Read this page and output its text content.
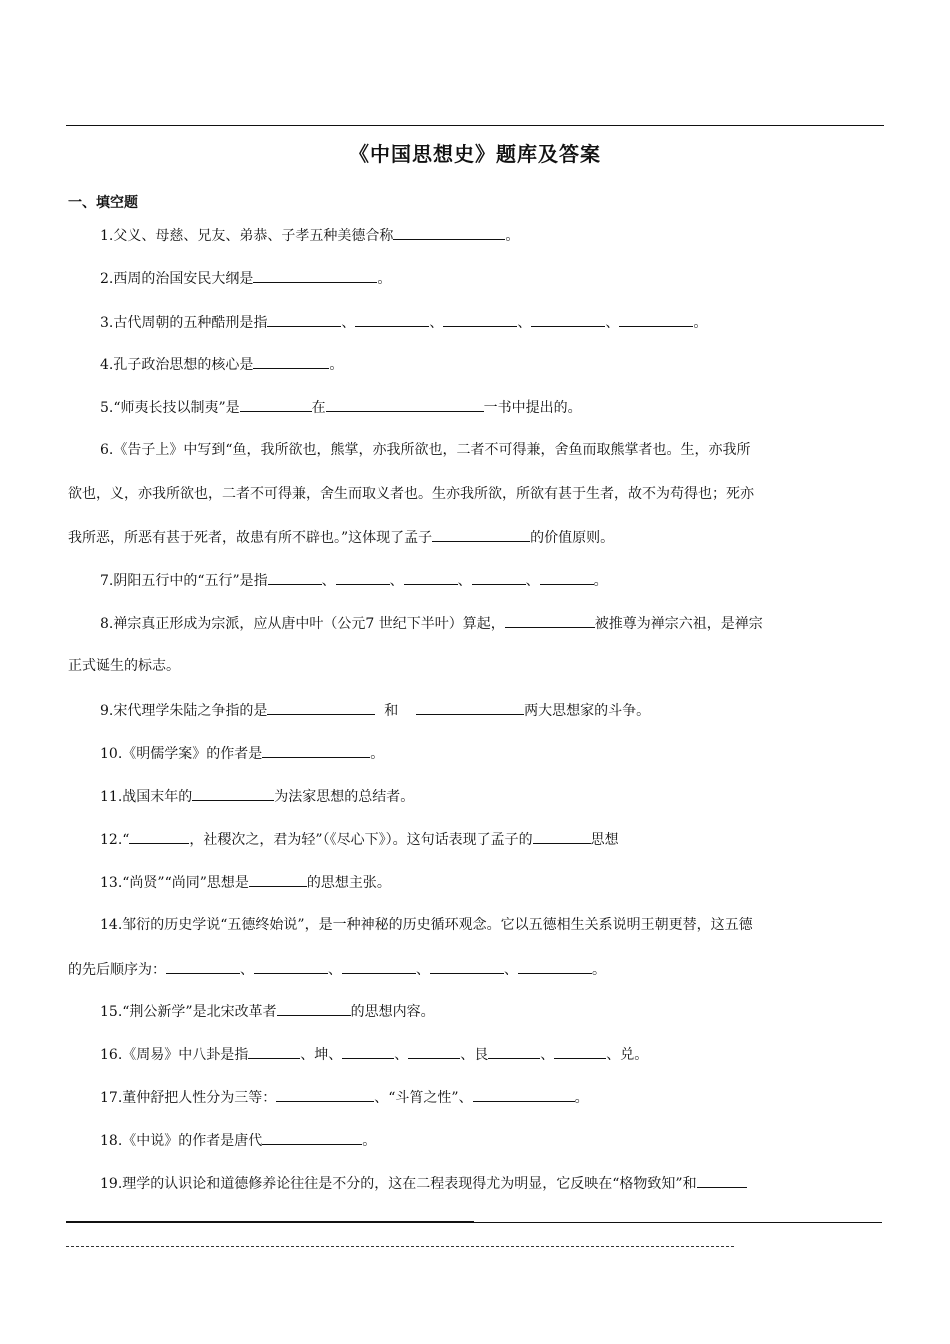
《中国思想史》题库及答案
一、填空题
1.父义、母慈、兄友、弟恭、子孝五种美德合称	。
2.西周的治国安民大纲是	。
3.古代周朝的五种酷刑是指	、	、	、	、	。
4.孔子政治思想的核心是	。
5.“师夷长技以制夷”是	在	一书中提出的。
6.《告子上》中写到“鱼，我所欲也，熊掌，亦我所欲也，二者不可得兼，舍鱼而取熊掌者也。生，亦我所
欲也，义，亦我所欲也，二者不可得兼，舍生而取义者也。生亦我所欲，所欲有甚于生者，故不为苟得也；死亦
我所恶，所恶有甚于死者，故患有所不辟也。”这体现了孟子	的价值原则。
7.阴阳五行中的“五行”是指	、	、	、	、	。
8.禅宗真正形成为宗派，应从唐中叶（公元7 世纪下半叶）算起，	被推尊为禅宗六祖，是禅宗
正式诞生的标志。
9.宋代理学朱陆之争指的是	和	两大思想家的斗争。
10.《明儒学案》的作者是	。
11.战国末年的	为法家思想的总结者。
12.“	，社稷次之，君为轻”（《尽心下》）。这句话表现了孟子的	思想
13.“尚贤”“尚同”思想是	的思想主张。
14.邹衍的历史学说“五德终始说”，是一种神秘的历史循环观念。它以五德相生关系说明王朝更替，这五德
的先后顺序为：	、	、	、	、	。
15.“荆公新学”是北宋改革者	的思想内容。
16.《周易》中八卦是指	、坤、	、	、艮	、	、兑。
17.董仲舒把人性分为三等：	、“斗筲之性”、	。
18.《中说》的作者是唐代	。
19.理学的认识论和道德修养论往往是不分的，这在二程表现得尤为明显，它反映在“格物致知”和
